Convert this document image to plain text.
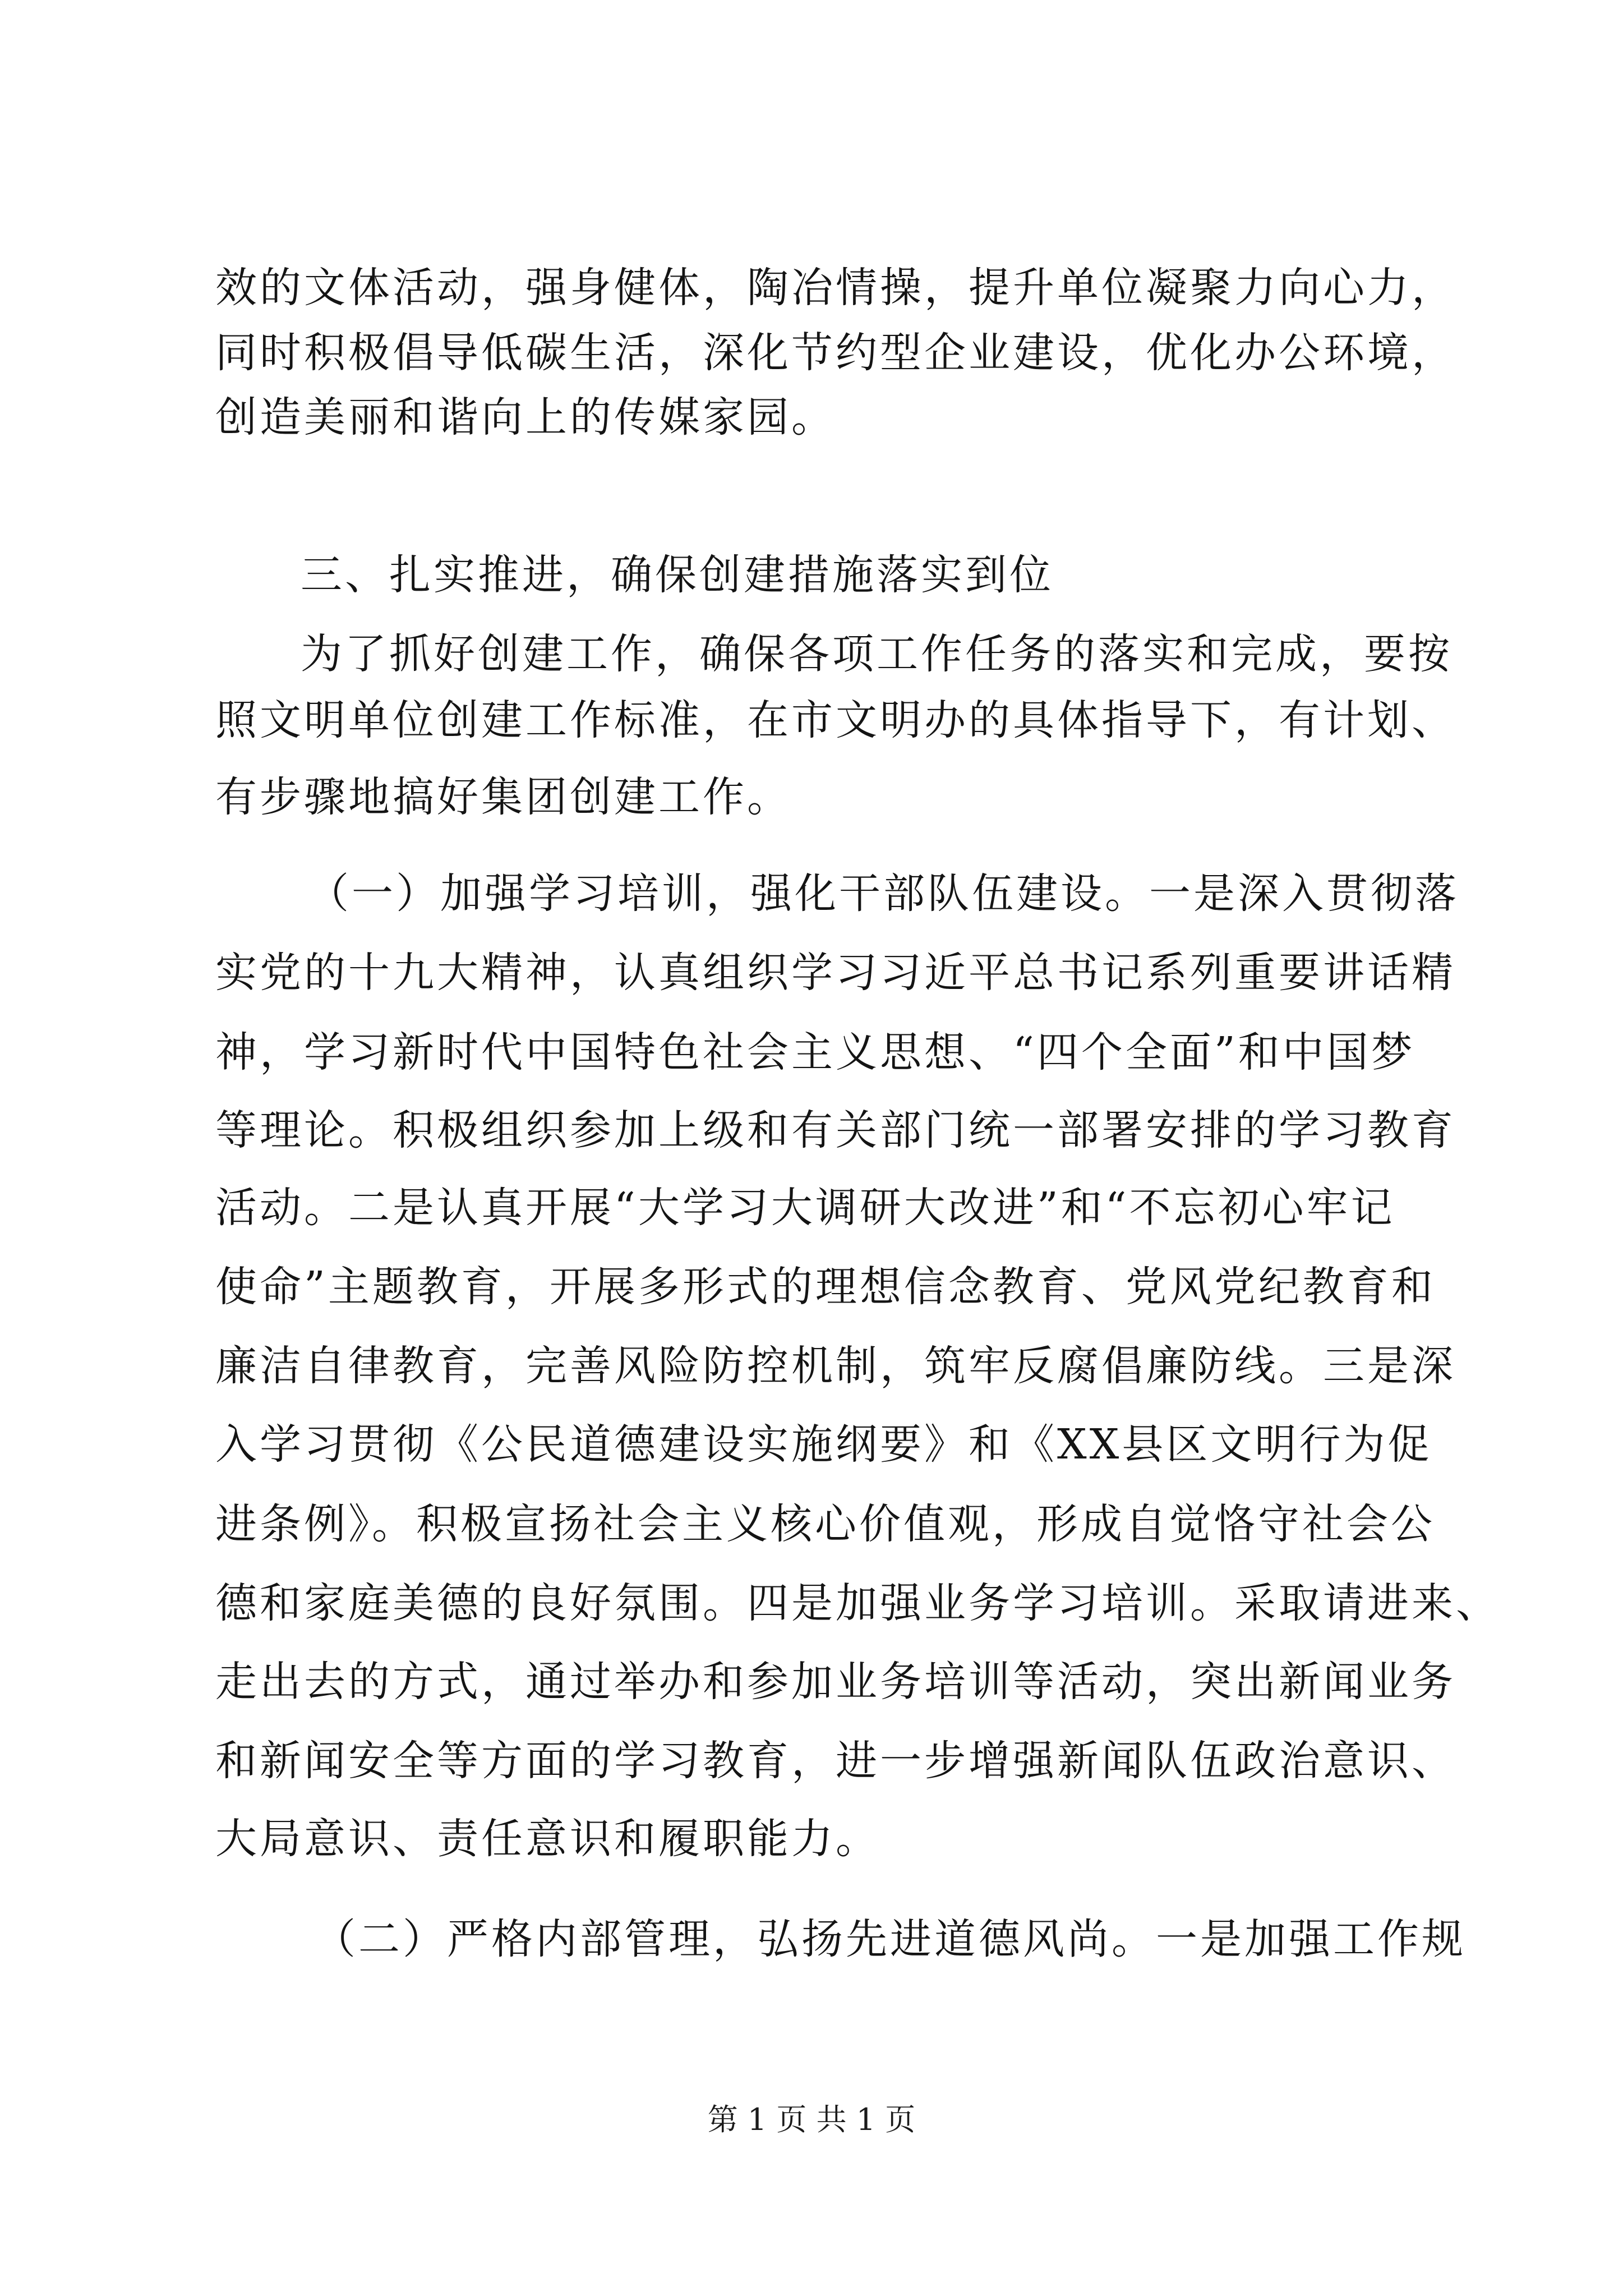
效的文体活动，强身健体，陶冶情操，提升单位凝聚力向心力，
同时积极倡导低碳生活，深化节约型企业建设，优化办公环境，
创造美丽和谐向上的传媒家园。
三、扎实推进，确保创建措施落实到位
为了抓好创建工作，确保各项工作任务的落实和完成，要按
照文明单位创建工作标准，在市文明办的具体指导下，有计划、
有步骤地搞好集团创建工作。
（一）加强学习培训，强化干部队伍建设。一是深入贯彻落
实党的十九大精神，认真组织学习习近平总书记系列重要讲话精
神，学习新时代中国特色社会主义思想、“四个全面”和中国梦
等理论。积极组织参加上级和有关部门统一部署安排的学习教育
活动。二是认真开展“大学习大调研大改进”和“不忘初心牢记
使命”主题教育，开展多形式的理想信念教育、党风党纪教育和
廉洁自律教育，完善风险防控机制，筑牢反腐倡廉防线。三是深
入学习贯彻《公民道德建设实施纲要》和《XX县区文明行为促
进条例》。积极宣扬社会主义核心价值观，形成自觉恪守社会公
德和家庭美德的良好氛围。四是加强业务学习培训。采取请进来、
走出去的方式，通过举办和参加业务培训等活动，突出新闻业务
和新闻安全等方面的学习教育，进一步增强新闻队伍政治意识、
大局意识、责任意识和履职能力。
（二）严格内部管理，弘扬先进道德风尚。一是加强工作规
第 1 页 共 1 页
